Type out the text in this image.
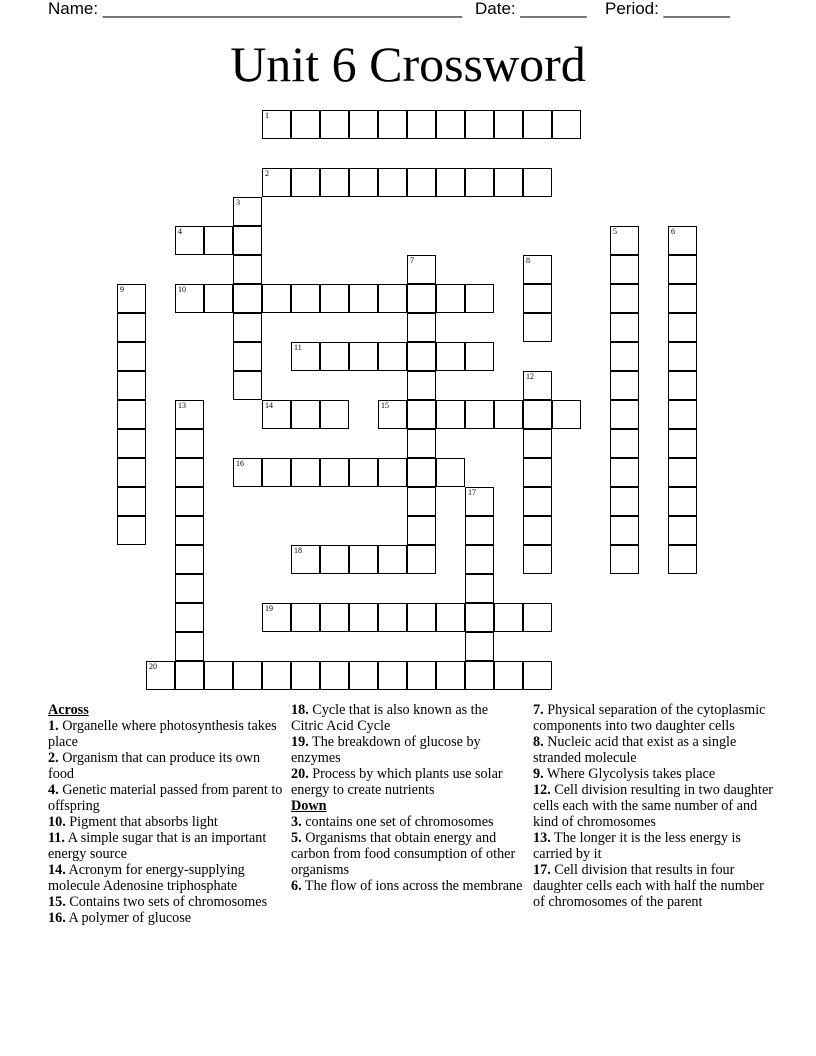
Name: ______________________________________ Date: _______ Period: _______
Unit 6 Crossword
1
2
3
4	5	6
7	8
9	10
11
12
13	14	15
16
17
18
19
20

Across

1. Organelle where photosynthesis takes place

2. Organism that can produce its own food

4. Genetic material passed from parent to offspring

10. Pigment that absorbs light

11. A simple sugar that is an important energy source

14. Acronym for energy-supplying molecule Adenosine triphosphate

15. Contains two sets of chromosomes

16. A polymer of glucose

18. Cycle that is also known as the Citric Acid Cycle

19. The breakdown of glucose by enzymes

20. Process by which plants use solar energy to create nutrients

Down

3. contains one set of chromosomes

5. Organisms that obtain energy and carbon from food consumption of other organisms

6. The flow of ions across the membrane

7. Physical separation of the cytoplasmic components into two daughter cells

8. Nucleic acid that exist as a single stranded molecule

9. Where Glycolysis takes place

12. Cell division resulting in two daughter cells each with the same number of and kind of chromosomes

13. The longer it is the less energy is carried by it

17. Cell division that results in four daughter cells each with half the number of chromosomes of the parent
